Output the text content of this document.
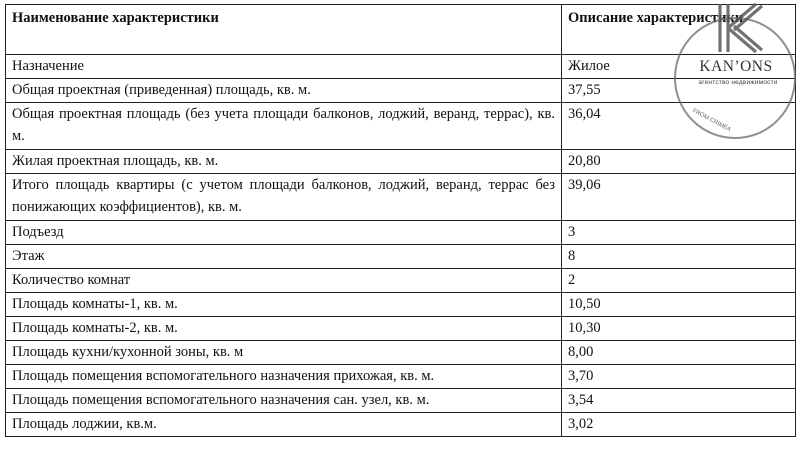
Наименование характеристики	Описание характеристики
Назначение	Жилое
Общая проектная (приведенная) площадь, кв. м.	37,55
Общая проектная площадь (без учета площади балконов, лоджий, веранд, террас), кв. м.	36,04
Жилая проектная площадь, кв. м.	20,80
Итого площадь квартиры (с учетом площади балконов, лоджий, веранд, террас без понижающих коэффициентов), кв. м.	39,06
Подъезд	3
Этаж	8
Количество комнат	2
Площадь комнаты-1, кв. м.	10,50
Площадь комнаты-2, кв. м.	10,30
Площадь кухни/кухонной зоны, кв. м	8,00
Площадь помещения вспомогательного назначения прихожая, кв. м.	3,70
Площадь помещения вспомогательного назначения сан. узел, кв. м.	3,54
Площадь лоджии, кв.м.	3,02
KAN’ONS
агентство недвижимости
FROM CRIMEA
